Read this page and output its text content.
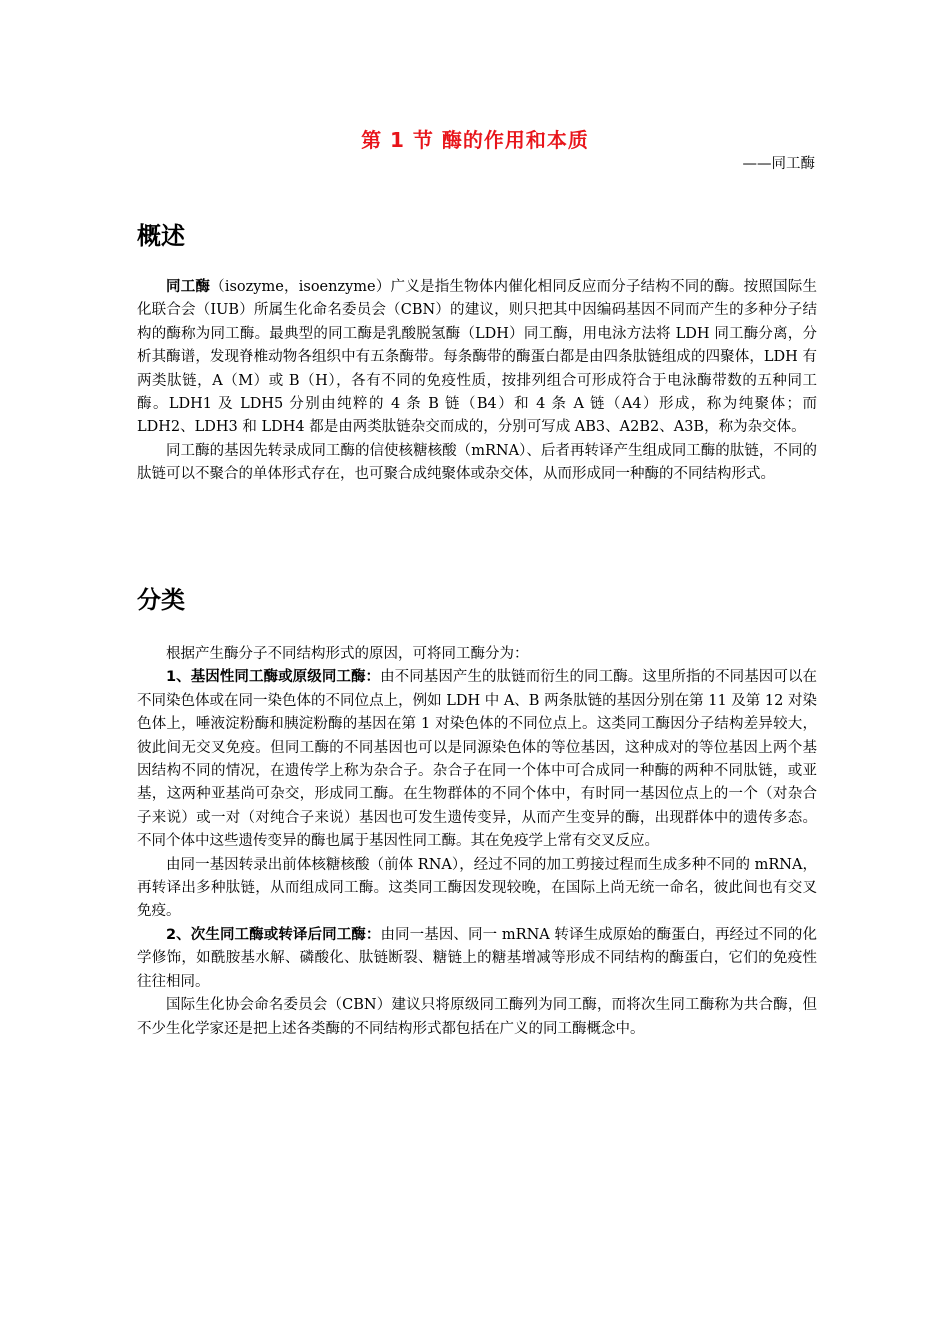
第 1 节 酶的作用和本质
——同工酶
概述

同工酶（isozyme，isoenzyme）广义是指生物体内催化相同反应而分子结构不同的酶。按照国际生化联合会（IUB）所属生化命名委员会（CBN）的建议，则只把其中因编码基因不同而产生的多种分子结构的酶称为同工酶。最典型的同工酶是乳酸脱氢酶（LDH）同工酶，用电泳方法将 LDH 同工酶分离，分析其酶谱，发现脊椎动物各组织中有五条酶带。每条酶带的酶蛋白都是由四条肽链组成的四聚体，LDH 有两类肽链，A（M）或 B（H），各有不同的免疫性质，按排列组合可形成符合于电泳酶带数的五种同工酶。LDH1 及 LDH5 分别由纯粹的 4 条 B 链（B4）和 4 条 A 链（A4）形成，称为纯聚体；而 LDH2、LDH3 和 LDH4 都是由两类肽链杂交而成的，分别可写成 AB3、A2B2、A3B，称为杂交体。

同工酶的基因先转录成同工酶的信使核糖核酸（mRNA）、后者再转译产生组成同工酶的肽链，不同的肽链可以不聚合的单体形式存在，也可聚合成纯聚体或杂交体，从而形成同一种酶的不同结构形式。

分类

根据产生酶分子不同结构形式的原因，可将同工酶分为：

1、基因性同工酶或原级同工酶：由不同基因产生的肽链而衍生的同工酶。这里所指的不同基因可以在不同染色体或在同一染色体的不同位点上，例如 LDH 中 A、B 两条肽链的基因分别在第 11 及第 12 对染色体上，唾液淀粉酶和胰淀粉酶的基因在第 1 对染色体的不同位点上。这类同工酶因分子结构差异较大，彼此间无交叉免疫。但同工酶的不同基因也可以是同源染色体的等位基因，这种成对的等位基因上两个基因结构不同的情况，在遗传学上称为杂合子。杂合子在同一个体中可合成同一种酶的两种不同肽链，或亚基，这两种亚基尚可杂交，形成同工酶。在生物群体的不同个体中，有时同一基因位点上的一个（对杂合子来说）或一对（对纯合子来说）基因也可发生遗传变异，从而产生变异的酶，出现群体中的遗传多态。不同个体中这些遗传变异的酶也属于基因性同工酶。其在免疫学上常有交叉反应。

由同一基因转录出前体核糖核酸（前体 RNA），经过不同的加工剪接过程而生成多种不同的 mRNA，再转译出多种肽链，从而组成同工酶。这类同工酶因发现较晚，在国际上尚无统一命名，彼此间也有交叉免疫。

2、次生同工酶或转译后同工酶：由同一基因、同一 mRNA 转译生成原始的酶蛋白，再经过不同的化学修饰，如酰胺基水解、磷酸化、肽链断裂、糖链上的糖基增减等形成不同结构的酶蛋白，它们的免疫性往往相同。

国际生化协会命名委员会（CBN）建议只将原级同工酶列为同工酶，而将次生同工酶称为共合酶，但不少生化学家还是把上述各类酶的不同结构形式都包括在广义的同工酶概念中。
